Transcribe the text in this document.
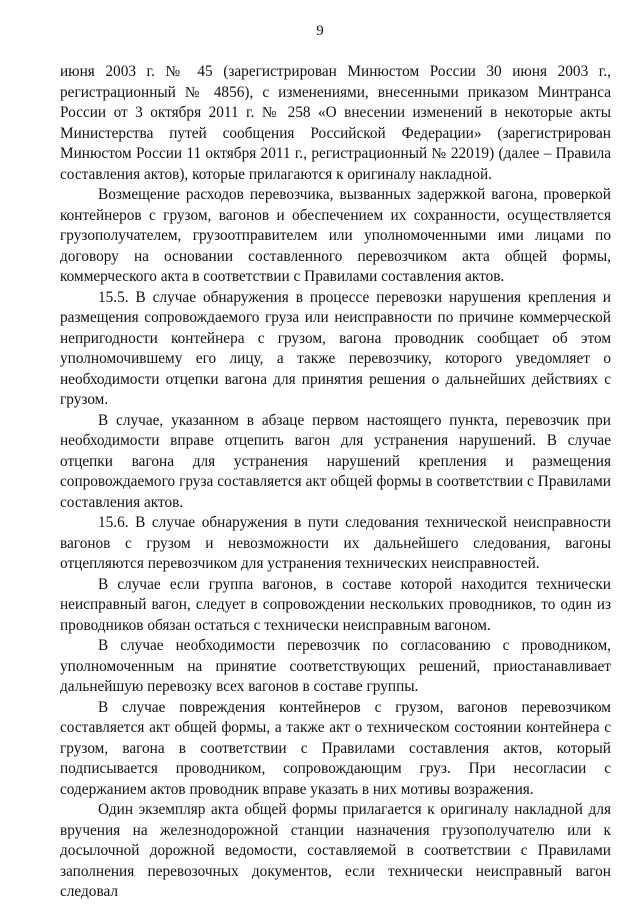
9

июня 2003 г. № 45 (зарегистрирован Минюстом России 30 июня 2003 г., регистрационный № 4856), с изменениями, внесенными приказом Минтранса России от 3 октября 2011 г. № 258 «О внесении изменений в некоторые акты Министерства путей сообщения Российской Федерации» (зарегистрирован Минюстом России 11 октября 2011 г., регистрационный № 22019) (далее – Правила составления актов), которые прилагаются к оригиналу накладной.

Возмещение расходов перевозчика, вызванных задержкой вагона, проверкой контейнеров с грузом, вагонов и обеспечением их сохранности, осуществляется грузополучателем, грузоотправителем или уполномоченными ими лицами по договору на основании составленного перевозчиком акта общей формы, коммерческого акта в соответствии с Правилами составления актов.

15.5. В случае обнаружения в процессе перевозки нарушения крепления и размещения сопровождаемого груза или неисправности по причине коммерческой непригодности контейнера с грузом, вагона проводник сообщает об этом уполномочившему его лицу, а также перевозчику, которого уведомляет о необходимости отцепки вагона для принятия решения о дальнейших действиях с грузом.

В случае, указанном в абзаце первом настоящего пункта, перевозчик при необходимости вправе отцепить вагон для устранения нарушений. В случае отцепки вагона для устранения нарушений крепления и размещения сопровождаемого груза составляется акт общей формы в соответствии с Правилами составления актов.

15.6. В случае обнаружения в пути следования технической неисправности вагонов с грузом и невозможности их дальнейшего следования, вагоны отцепляются перевозчиком для устранения технических неисправностей.

В случае если группа вагонов, в составе которой находится технически неисправный вагон, следует в сопровождении нескольких проводников, то один из проводников обязан остаться с технически неисправным вагоном.

В случае необходимости перевозчик по согласованию с проводником, уполномоченным на принятие соответствующих решений, приостанавливает дальнейшую перевозку всех вагонов в составе группы.

В случае повреждения контейнеров с грузом, вагонов перевозчиком составляется акт общей формы, а также акт о техническом состоянии контейнера с грузом, вагона в соответствии с Правилами составления актов, который подписывается проводником, сопровождающим груз. При несогласии с содержанием актов проводник вправе указать в них мотивы возражения.

Один экземпляр акта общей формы прилагается к оригиналу накладной для вручения на железнодорожной станции назначения грузополучателю или к досылочной дорожной ведомости, составляемой в соответствии с Правилами заполнения перевозочных документов, если технически неисправный вагон следовал
